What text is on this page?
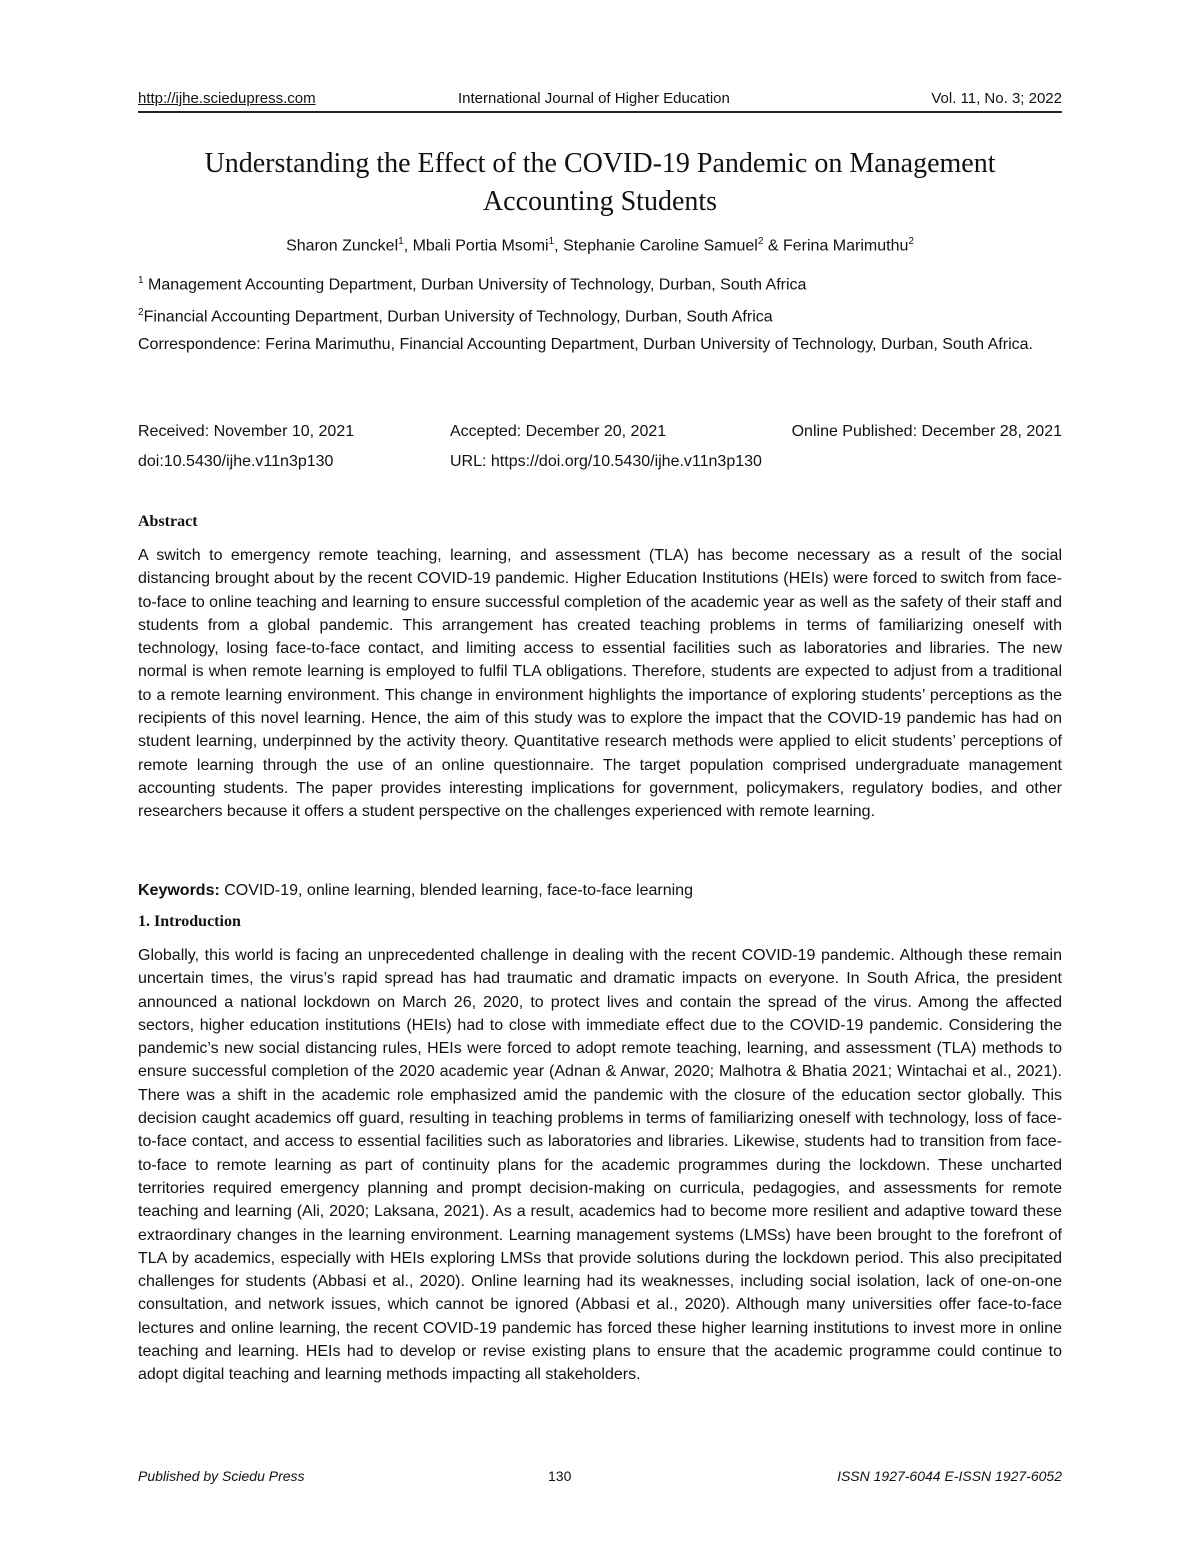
http://ijhe.sciedupress.com	International Journal of Higher Education	Vol. 11, No. 3; 2022
Understanding the Effect of the COVID-19 Pandemic on Management Accounting Students
Sharon Zunckel$^1$, Mbali Portia Msomi$^1$, Stephanie Caroline Samuel$^2$ & Ferina Marimuthu$^2$
$^1$ Management Accounting Department, Durban University of Technology, Durban, South Africa
$^2$Financial Accounting Department, Durban University of Technology, Durban, South Africa
Correspondence: Ferina Marimuthu, Financial Accounting Department, Durban University of Technology, Durban, South Africa.
Received: November 10, 2021	Accepted: December 20, 2021	Online Published: December 28, 2021
doi:10.5430/ijhe.v11n3p130	URL: https://doi.org/10.5430/ijhe.v11n3p130
Abstract
A switch to emergency remote teaching, learning, and assessment (TLA) has become necessary as a result of the social distancing brought about by the recent COVID-19 pandemic. Higher Education Institutions (HEIs) were forced to switch from face-to-face to online teaching and learning to ensure successful completion of the academic year as well as the safety of their staff and students from a global pandemic. This arrangement has created teaching problems in terms of familiarizing oneself with technology, losing face-to-face contact, and limiting access to essential facilities such as laboratories and libraries. The new normal is when remote learning is employed to fulfil TLA obligations. Therefore, students are expected to adjust from a traditional to a remote learning environment. This change in environment highlights the importance of exploring students’ perceptions as the recipients of this novel learning. Hence, the aim of this study was to explore the impact that the COVID-19 pandemic has had on student learning, underpinned by the activity theory. Quantitative research methods were applied to elicit students’ perceptions of remote learning through the use of an online questionnaire. The target population comprised undergraduate management accounting students. The paper provides interesting implications for government, policymakers, regulatory bodies, and other researchers because it offers a student perspective on the challenges experienced with remote learning.
Keywords: COVID-19, online learning, blended learning, face-to-face learning
1. Introduction
Globally, this world is facing an unprecedented challenge in dealing with the recent COVID-19 pandemic. Although these remain uncertain times, the virus’s rapid spread has had traumatic and dramatic impacts on everyone. In South Africa, the president announced a national lockdown on March 26, 2020, to protect lives and contain the spread of the virus. Among the affected sectors, higher education institutions (HEIs) had to close with immediate effect due to the COVID-19 pandemic. Considering the pandemic’s new social distancing rules, HEIs were forced to adopt remote teaching, learning, and assessment (TLA) methods to ensure successful completion of the 2020 academic year (Adnan & Anwar, 2020; Malhotra & Bhatia 2021; Wintachai et al., 2021). There was a shift in the academic role emphasized amid the pandemic with the closure of the education sector globally. This decision caught academics off guard, resulting in teaching problems in terms of familiarizing oneself with technology, loss of face-to-face contact, and access to essential facilities such as laboratories and libraries. Likewise, students had to transition from face-to-face to remote learning as part of continuity plans for the academic programmes during the lockdown. These uncharted territories required emergency planning and prompt decision-making on curricula, pedagogies, and assessments for remote teaching and learning (Ali, 2020; Laksana, 2021). As a result, academics had to become more resilient and adaptive toward these extraordinary changes in the learning environment. Learning management systems (LMSs) have been brought to the forefront of TLA by academics, especially with HEIs exploring LMSs that provide solutions during the lockdown period. This also precipitated challenges for students (Abbasi et al., 2020). Online learning had its weaknesses, including social isolation, lack of one-on-one consultation, and network issues, which cannot be ignored (Abbasi et al., 2020). Although many universities offer face-to-face lectures and online learning, the recent COVID-19 pandemic has forced these higher learning institutions to invest more in online teaching and learning. HEIs had to develop or revise existing plans to ensure that the academic programme could continue to adopt digital teaching and learning methods impacting all stakeholders.
Published by Sciedu Press	130	ISSN 1927-6044 E-ISSN 1927-6052
